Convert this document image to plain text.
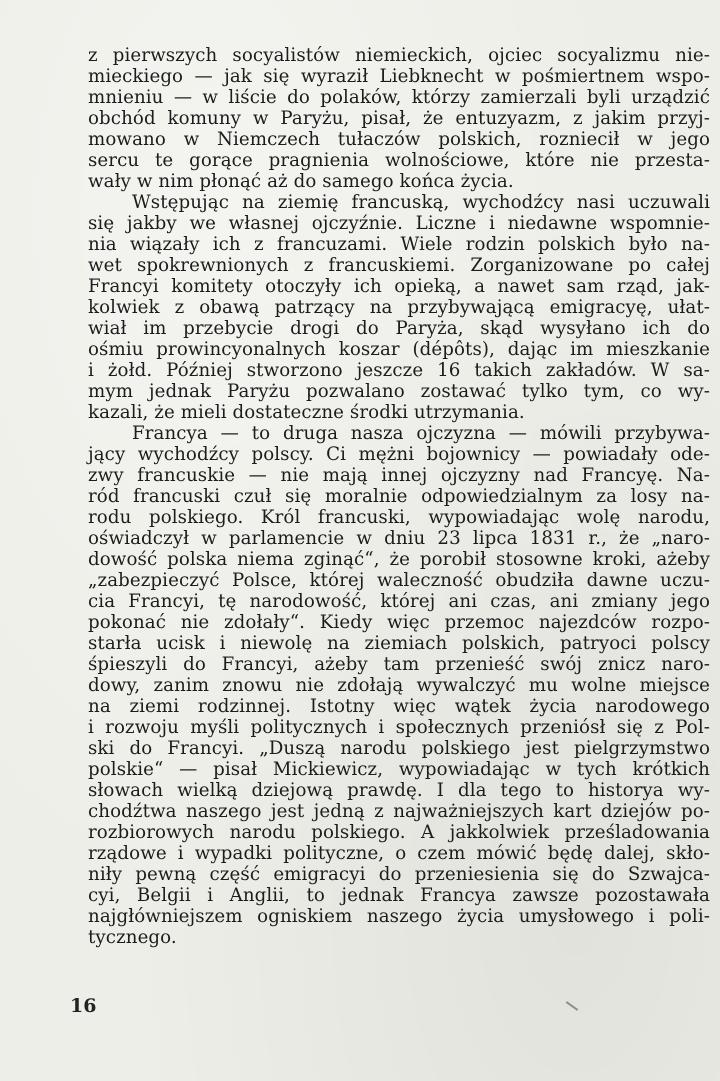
z pierwszych socyalistów niemieckich, ojciec socyalizmu nie-
mieckiego — jak się wyraził Liebknecht w pośmiertnem wspo-
mnieniu — w liście do polaków, którzy zamierzali byli urządzić
obchód komuny w Paryżu, pisał, że entuzyazm, z jakim przyj-
mowano w Niemczech tułaczów polskich, rozniecił w jego
sercu te gorące pragnienia wolnościowe, które nie przesta-
wały w nim płonąć aż do samego końca życia.
Wstępując na ziemię francuską, wychodźcy nasi uczuwali
się jakby we własnej ojczyźnie. Liczne i niedawne wspomnie-
nia wiązały ich z francuzami. Wiele rodzin polskich było na-
wet spokrewnionych z francuskiemi. Zorganizowane po całej
Francyi komitety otoczyły ich opieką, a nawet sam rząd, jak-
kolwiek z obawą patrzący na przybywającą emigracyę, ułat-
wiał im przebycie drogi do Paryża, skąd wysyłano ich do
ośmiu prowincyonalnych koszar (dépôts), dając im mieszkanie
i żołd. Później stworzono jeszcze 16 takich zakładów. W sa-
mym jednak Paryżu pozwalano zostawać tylko tym, co wy-
kazali, że mieli dostateczne środki utrzymania.
Francya — to druga nasza ojczyzna — mówili przybywa-
jący wychodźcy polscy. Ci mężni bojownicy — powiadały ode-
zwy francuskie — nie mają innej ojczyzny nad Francyę. Na-
ród francuski czuł się moralnie odpowiedzialnym za losy na-
rodu polskiego. Król francuski, wypowiadając wolę narodu,
oświadczył w parlamencie w dniu 23 lipca 1831 r., że „naro-
dowość polska niema zginąć“, że porobił stosowne kroki, ażeby
„zabezpieczyć Polsce, której waleczność obudziła dawne uczu-
cia Francyi, tę narodowość, której ani czas, ani zmiany jego
pokonać nie zdołały“. Kiedy więc przemoc najezdców rozpo-
starła ucisk i niewolę na ziemiach polskich, patryoci polscy
śpieszyli do Francyi, ażeby tam przenieść swój znicz naro-
dowy, zanim znowu nie zdołają wywalczyć mu wolne miejsce
na ziemi rodzinnej. Istotny więc wątek życia narodowego
i rozwoju myśli politycznych i społecznych przeniósł się z Pol-
ski do Francyi. „Duszą narodu polskiego jest pielgrzymstwo
polskie“ — pisał Mickiewicz, wypowiadając w tych krótkich
słowach wielką dziejową prawdę. I dla tego to historya wy-
chodźtwa naszego jest jedną z najważniejszych kart dziejów po-
rozbiorowych narodu polskiego. A jakkolwiek prześladowania
rządowe i wypadki polityczne, o czem mówić będę dalej, skło-
niły pewną część emigracyi do przeniesienia się do Szwajca-
cyi, Belgii i Anglii, to jednak Francya zawsze pozostawała
najgłówniejszem ogniskiem naszego życia umysłowego i poli-
tycznego.
16
